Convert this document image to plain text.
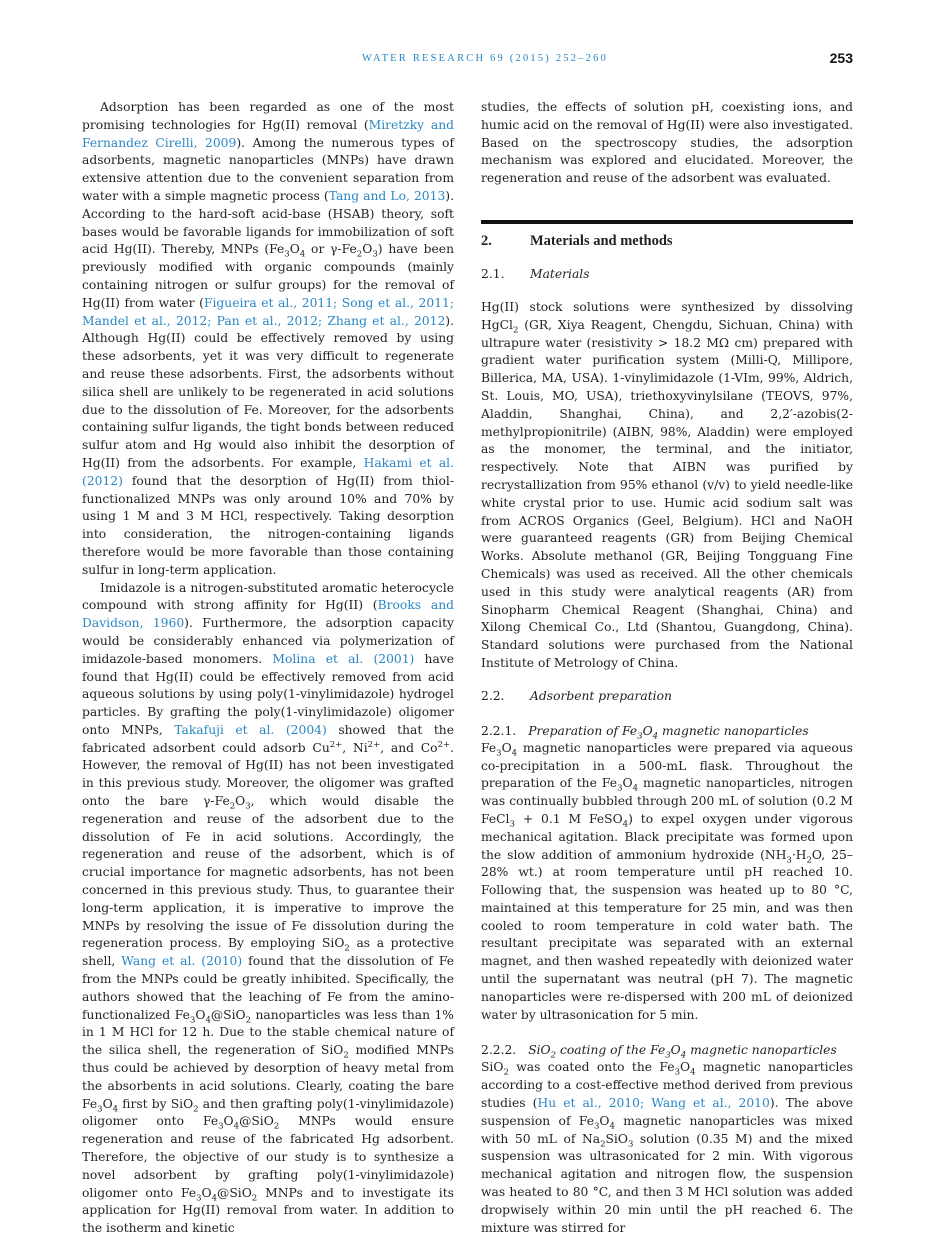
WATER RESEARCH 69 (2015) 252–260	253

Adsorption has been regarded as one of the most promising technologies for Hg(II) removal (Miretzky and Fernandez Cirelli, 2009). Among the numerous types of adsorbents, magnetic nanoparticles (MNPs) have drawn extensive attention due to the convenient separation from water with a simple magnetic process (Tang and Lo, 2013). According to the hard-soft acid-base (HSAB) theory, soft bases would be favorable ligands for immobilization of soft acid Hg(II). Thereby, MNPs ($Fe_3O_4$ or $\gamma-Fe_2O_3$) have been previously modified with organic compounds (mainly containing nitrogen or sulfur groups) for the removal of Hg(II) from water (Figueira et al., 2011; Song et al., 2011; Mandel et al., 2012; Pan et al., 2012; Zhang et al., 2012). Although Hg(II) could be effectively removed by using these adsorbents, yet it was very difficult to regenerate and reuse these adsorbents. First, the adsorbents without silica shell are unlikely to be regenerated in acid solutions due to the dissolution of Fe. Moreover, for the adsorbents containing sulfur ligands, the tight bonds between reduced sulfur atom and Hg would also inhibit the desorption of Hg(II) from the adsorbents. For example, Hakami et al. (2012) found that the desorption of Hg(II) from thiol-functionalized MNPs was only around 10% and 70% by using 1 M and 3 M HCl, respectively. Taking desorption into consideration, the nitrogen-containing ligands therefore would be more favorable than those containing sulfur in long-term application.

Imidazole is a nitrogen-substituted aromatic heterocycle compound with strong affinity for Hg(II) (Brooks and Davidson, 1960). Furthermore, the adsorption capacity would be considerably enhanced via polymerization of imidazole-based monomers. Molina et al. (2001) have found that Hg(II) could be effectively removed from acid aqueous solutions by using poly(1-vinylimidazole) hydrogel particles. By grafting the poly(1-vinylimidazole) oligomer onto MNPs, Takafuji et al. (2004) showed that the fabricated adsorbent could adsorb $Cu^{2+}$, $Ni^{2+}$, and $Co^{2+}$. However, the removal of Hg(II) has not been investigated in this previous study. Moreover, the oligomer was grafted onto the bare $\gamma-Fe_2O_3$, which would disable the regeneration and reuse of the adsorbent due to the dissolution of Fe in acid solutions. Accordingly, the regeneration and reuse of the adsorbent, which is of crucial importance for magnetic adsorbents, has not been concerned in this previous study. Thus, to guarantee their long-term application, it is imperative to improve the MNPs by resolving the issue of Fe dissolution during the regeneration process. By employing SiO$_2$ as a protective shell, Wang et al. (2010) found that the dissolution of Fe from the MNPs could be greatly inhibited. Specifically, the authors showed that the leaching of Fe from the amino-functionalized $Fe_3O_4@SiO_2$ nanoparticles was less than 1% in 1 M HCl for 12 h. Due to the stable chemical nature of the silica shell, the regeneration of SiO$_2$ modified MNPs thus could be achieved by desorption of heavy metal from the absorbents in acid solutions. Clearly, coating the bare $Fe_3O_4$ first by SiO$_2$ and then grafting poly(1-vinylimidazole) oligomer onto $Fe_3O_4@SiO_2$ MNPs would ensure regeneration and reuse of the fabricated Hg adsorbent. Therefore, the objective of our study is to synthesize a novel adsorbent by grafting poly(1-vinylimidazole) oligomer onto $Fe_3O_4@SiO_2$ MNPs and to investigate its application for Hg(II) removal from water. In addition to the isotherm and kinetic

studies, the effects of solution pH, coexisting ions, and humic acid on the removal of Hg(II) were also investigated. Based on the spectroscopy studies, the adsorption mechanism was explored and elucidated. Moreover, the regeneration and reuse of the adsorbent was evaluated.

2.	Materials and methods
2.1. Materials

Hg(II) stock solutions were synthesized by dissolving HgCl$_2$ (GR, Xiya Reagent, Chengdu, Sichuan, China) with ultrapure water (resistivity > 18.2 MΩ cm) prepared with gradient water purification system (Milli-Q, Millipore, Billerica, MA, USA). 1-vinylimidazole (1-VIm, 99%, Aldrich, St. Louis, MO, USA), triethoxyvinylsilane (TEOVS, 97%, Aladdin, Shanghai, China), and 2,2′-azobis(2-methylpropionitrile) (AIBN, 98%, Aladdin) were employed as the monomer, the terminal, and the initiator, respectively. Note that AIBN was purified by recrystallization from 95% ethanol (v/v) to yield needle-like white crystal prior to use. Humic acid sodium salt was from ACROS Organics (Geel, Belgium). HCl and NaOH were guaranteed reagents (GR) from Beijing Chemical Works. Absolute methanol (GR, Beijing Tongguang Fine Chemicals) was used as received. All the other chemicals used in this study were analytical reagents (AR) from Sinopharm Chemical Reagent (Shanghai, China) and Xilong Chemical Co., Ltd (Shantou, Guangdong, China). Standard solutions were purchased from the National Institute of Metrology of China.

2.2. Adsorbent preparation
2.2.1. Preparation of $Fe_3O_4$ magnetic nanoparticles

$Fe_3O_4$ magnetic nanoparticles were prepared via aqueous co-precipitation in a 500-mL flask. Throughout the preparation of the $Fe_3O_4$ magnetic nanoparticles, nitrogen was continually bubbled through 200 mL of solution (0.2 M FeCl$_3$ + 0.1 M FeSO$_4$) to expel oxygen under vigorous mechanical agitation. Black precipitate was formed upon the slow addition of ammonium hydroxide ($NH_3\cdot H_2O$, 25–28% wt.) at room temperature until pH reached 10. Following that, the suspension was heated up to 80 °C, maintained at this temperature for 25 min, and was then cooled to room temperature in cold water bath. The resultant precipitate was separated with an external magnet, and then washed repeatedly with deionized water until the supernatant was neutral (pH 7). The magnetic nanoparticles were re-dispersed with 200 mL of deionized water by ultrasonication for 5 min.

2.2.2. SiO$_2$ coating of the $Fe_3O_4$ magnetic nanoparticles

SiO$_2$ was coated onto the $Fe_3O_4$ magnetic nanoparticles according to a cost-effective method derived from previous studies (Hu et al., 2010; Wang et al., 2010). The above suspension of $Fe_3O_4$ magnetic nanoparticles was mixed with 50 mL of $Na_2SiO_3$ solution (0.35 M) and the mixed suspension was ultrasonicated for 2 min. With vigorous mechanical agitation and nitrogen flow, the suspension was heated to 80 °C, and then 3 M HCl solution was added dropwisely within 20 min until the pH reached 6. The mixture was stirred for
